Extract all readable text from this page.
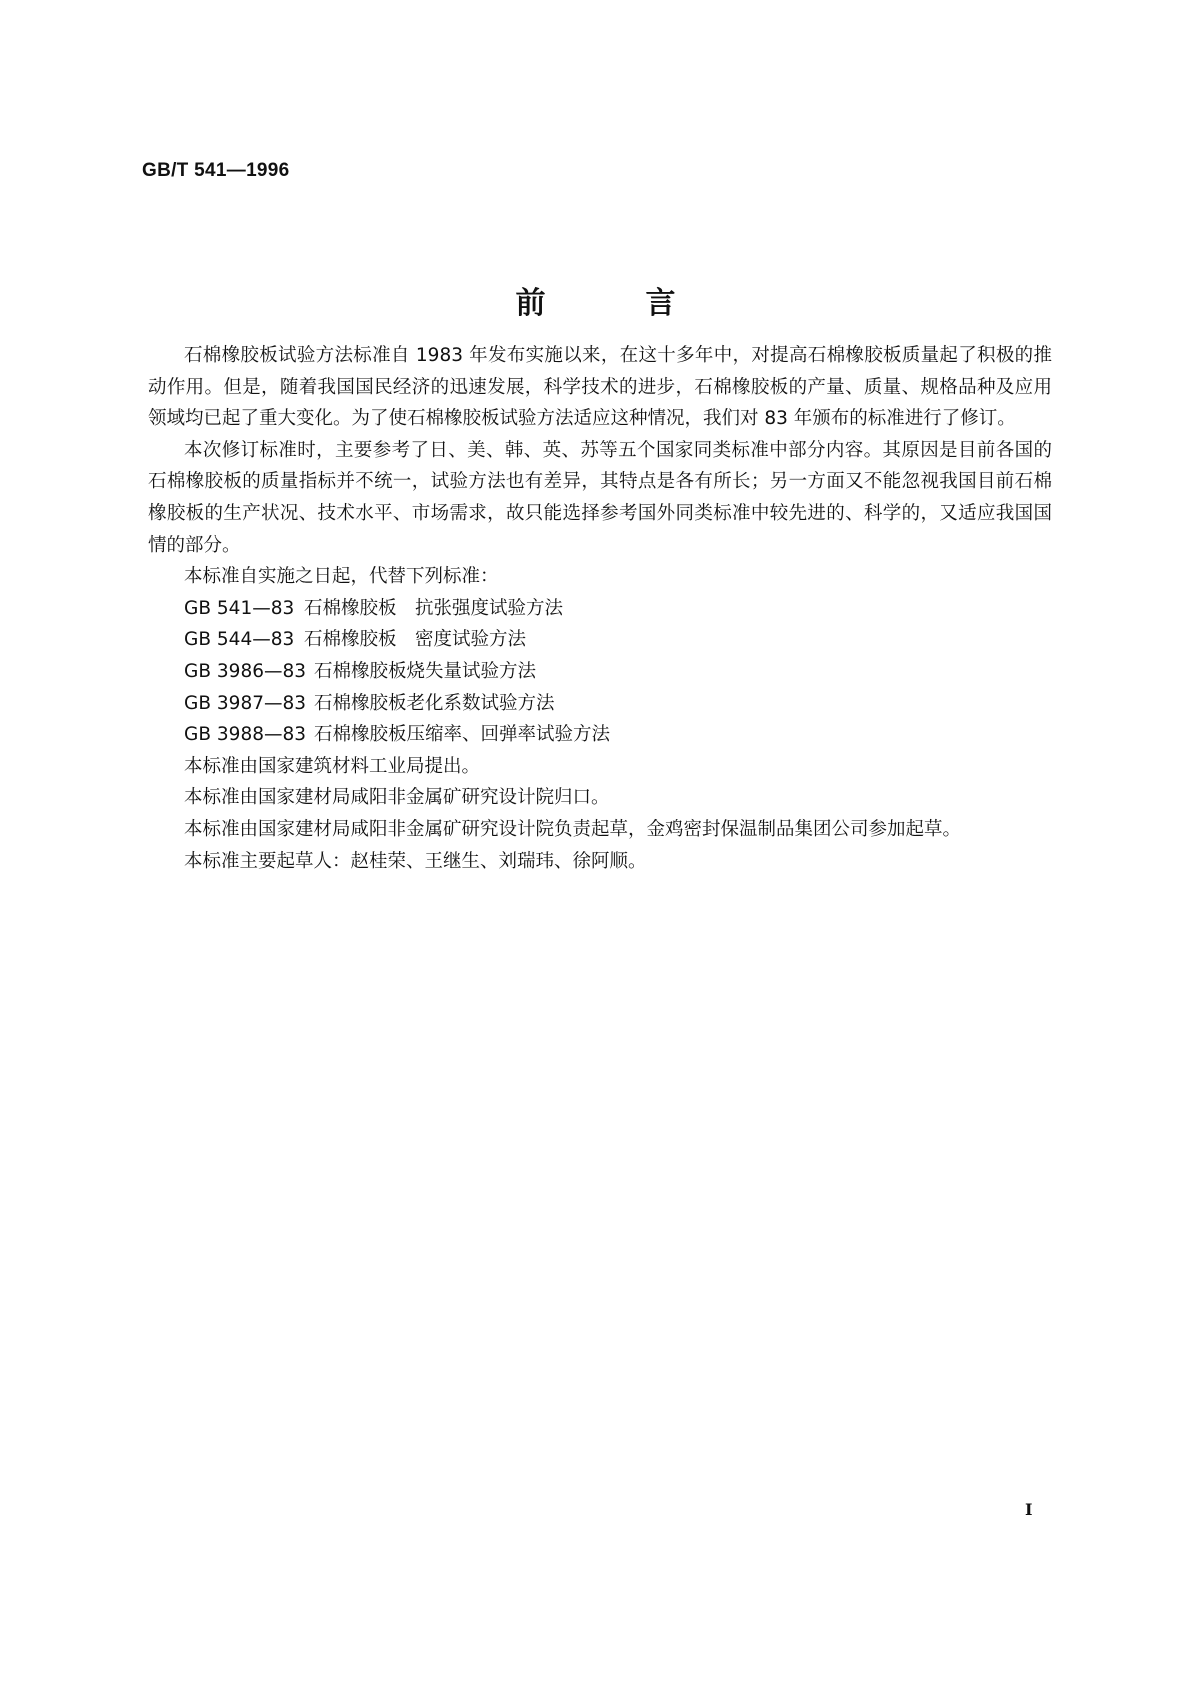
GB/T 541—1996
前言

石棉橡胶板试验方法标准自 1983 年发布实施以来，在这十多年中，对提高石棉橡胶板质量起了积极的推动作用。但是，随着我国国民经济的迅速发展，科学技术的进步，石棉橡胶板的产量、质量、规格品种及应用领域均已起了重大变化。为了使石棉橡胶板试验方法适应这种情况，我们对 83 年颁布的标准进行了修订。

本次修订标准时，主要参考了日、美、韩、英、苏等五个国家同类标准中部分内容。其原因是目前各国的石棉橡胶板的质量指标并不统一，试验方法也有差异，其特点是各有所长；另一方面又不能忽视我国目前石棉橡胶板的生产状况、技术水平、市场需求，故只能选择参考国外同类标准中较先进的、科学的，又适应我国国情的部分。

本标准自实施之日起，代替下列标准：

GB 541—83 石棉橡胶板　抗张强度试验方法

GB 544—83 石棉橡胶板　密度试验方法

GB 3986—83 石棉橡胶板烧失量试验方法

GB 3987—83 石棉橡胶板老化系数试验方法

GB 3988—83 石棉橡胶板压缩率、回弹率试验方法

本标准由国家建筑材料工业局提出。

本标准由国家建材局咸阳非金属矿研究设计院归口。

本标准由国家建材局咸阳非金属矿研究设计院负责起草，金鸡密封保温制品集团公司参加起草。

本标准主要起草人：赵桂荣、王继生、刘瑞玮、徐阿顺。

I
